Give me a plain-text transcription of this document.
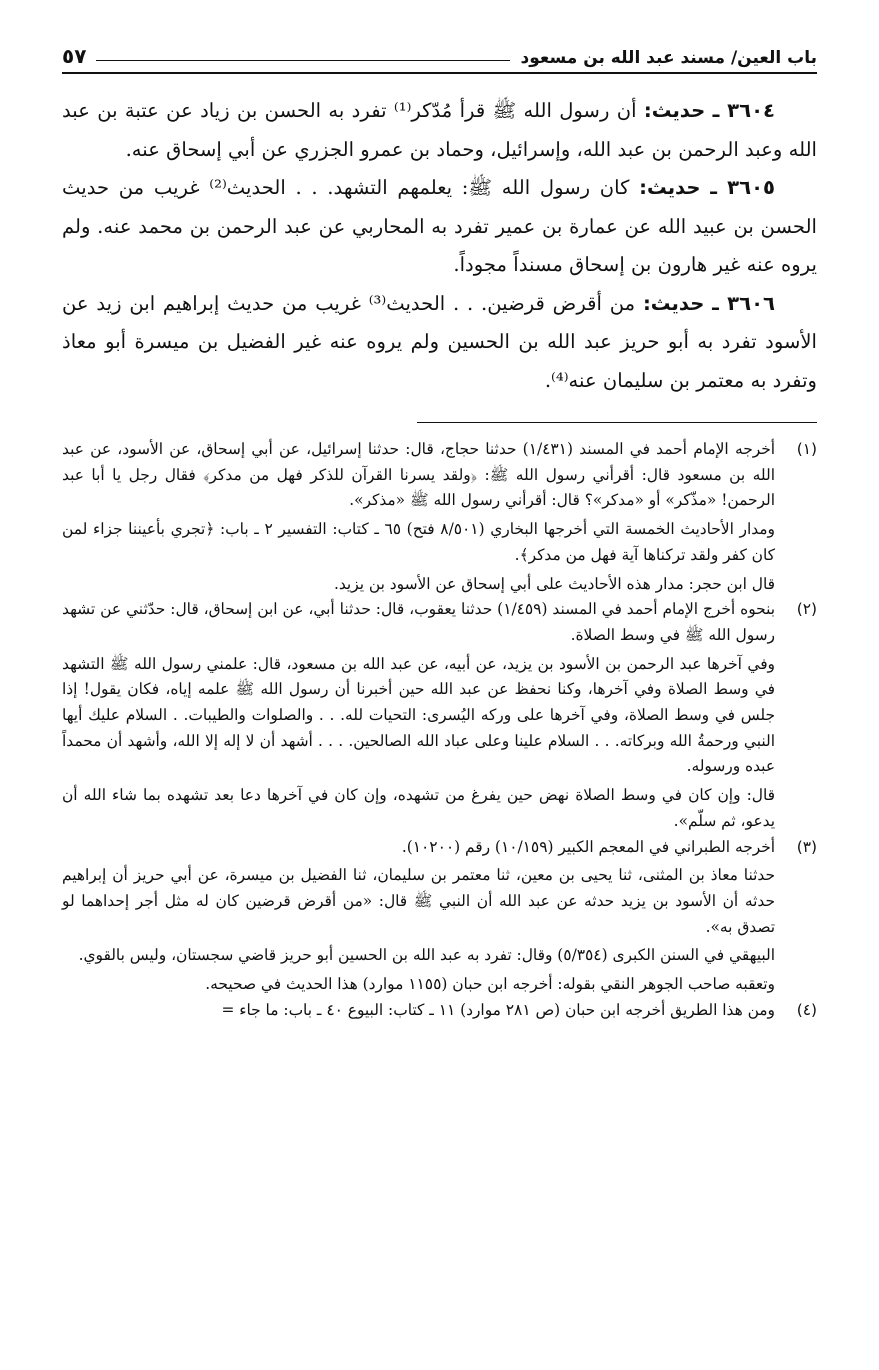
باب العين/ مسند عبد الله بن مسعود
٥٧

٣٦٠٤ ـ حديث: أن رسول الله ﷺ قرأ مُدّكر⁽¹⁾ تفرد به الحسن بن زياد عن عتبة بن عبد الله وعبد الرحمن بن عبد الله، وإسرائيل، وحماد بن عمرو الجزري عن أبي إسحاق عنه.

٣٦٠٥ ـ حديث: كان رسول الله ﷺ: يعلمهم التشهد. . . الحديث⁽²⁾ غريب من حديث الحسن بن عبيد الله عن عمارة بن عمير تفرد به المحاربي عن عبد الرحمن بن محمد عنه. ولم يروه عنه غير هارون بن إسحاق مسنداً مجوداً.

٣٦٠٦ ـ حديث: من أقرض قرضين. . . الحديث⁽³⁾ غريب من حديث إبراهيم ابن زيد عن الأسود تفرد به أبو حريز عبد الله بن الحسين ولم يروه عنه غير الفضيل بن ميسرة أبو معاذ وتفرد به معتمر بن سليمان عنه⁽⁴⁾.

(١)

أخرجه الإمام أحمد في المسند (١/٤٣١) حدثنا حجاج، قال: حدثنا إسرائيل، عن أبي إسحاق، عن الأسود، عن عبد الله بن مسعود قال: أقرأني رسول الله ﷺ: ﴿ولقد يسرنا القرآن للذكر فهل من مدكر﴾ فقال رجل يا أبا عبد الرحمن! «مذّكر» أو «مدكر»؟ قال: أقرأني رسول الله ﷺ «مذكر».

ومدار الأحاديث الخمسة التي أخرجها البخاري (٨/٥٠١ فتح) ٦٥ ـ كتاب: التفسير ٢ ـ باب: ﴿تجري بأعيننا جزاء لمن كان كفر ولقد تركناها آية فهل من مدكر﴾.

قال ابن حجر: مدار هذه الأحاديث على أبي إسحاق عن الأسود بن يزيد.

(٢)

بنحوه أخرج الإمام أحمد في المسند (١/٤٥٩) حدثنا يعقوب، قال: حدثنا أبي، عن ابن إسحاق، قال: حدّثني عن تشهد رسول الله ﷺ في وسط الصلاة.

وفي آخرها عبد الرحمن بن الأسود بن يزيد، عن أبيه، عن عبد الله بن مسعود، قال: علمني رسول الله ﷺ التشهد في وسط الصلاة وفي آخرها، وكنا نحفظ عن عبد الله حين أخبرنا أن رسول الله ﷺ علمه إياه، فكان يقول! إذا جلس في وسط الصلاة، وفي آخرها على وركه اليُسرى: التحيات لله. . . والصلوات والطيبات. . السلام عليك أيها النبي ورحمةُ الله وبركاته. . . السلام علينا وعلى عباد الله الصالحين. . . . أشهد أن لا إله إلا الله، وأشهد أن محمداً عبده ورسوله.

قال: وإن كان في وسط الصلاة نهض حين يفرغ من تشهده، وإن كان في آخرها دعا بعد تشهده بما شاء الله أن يدعو، ثم سلّم».

(٣)

أخرجه الطبراني في المعجم الكبير (١٠/١٥٩) رقم (١٠٢٠٠).

حدثنا معاذ بن المثنى، ثنا يحيى بن معين، ثنا معتمر بن سليمان، ثنا الفضيل بن ميسرة، عن أبي حريز أن إبراهيم حدثه أن الأسود بن يزيد حدثه عن عبد الله أن النبي ﷺ قال: «من أقرض قرضين كان له مثل أجر إحداهما لو تصدق به».

البيهقي في السنن الكبرى (٥/٣٥٤) وقال: تفرد به عبد الله بن الحسين أبو حريز قاضي سجستان، وليس بالقوي.

وتعقبه صاحب الجوهر النقي بقوله: أخرجه ابن حبان (١١٥٥ موارد) هذا الحديث في صحيحه.

(٤)

ومن هذا الطريق أخرجه ابن حبان (ص ٢٨١ موارد) ١١ ـ كتاب: البيوع ٤٠ ـ باب: ما جاء =
